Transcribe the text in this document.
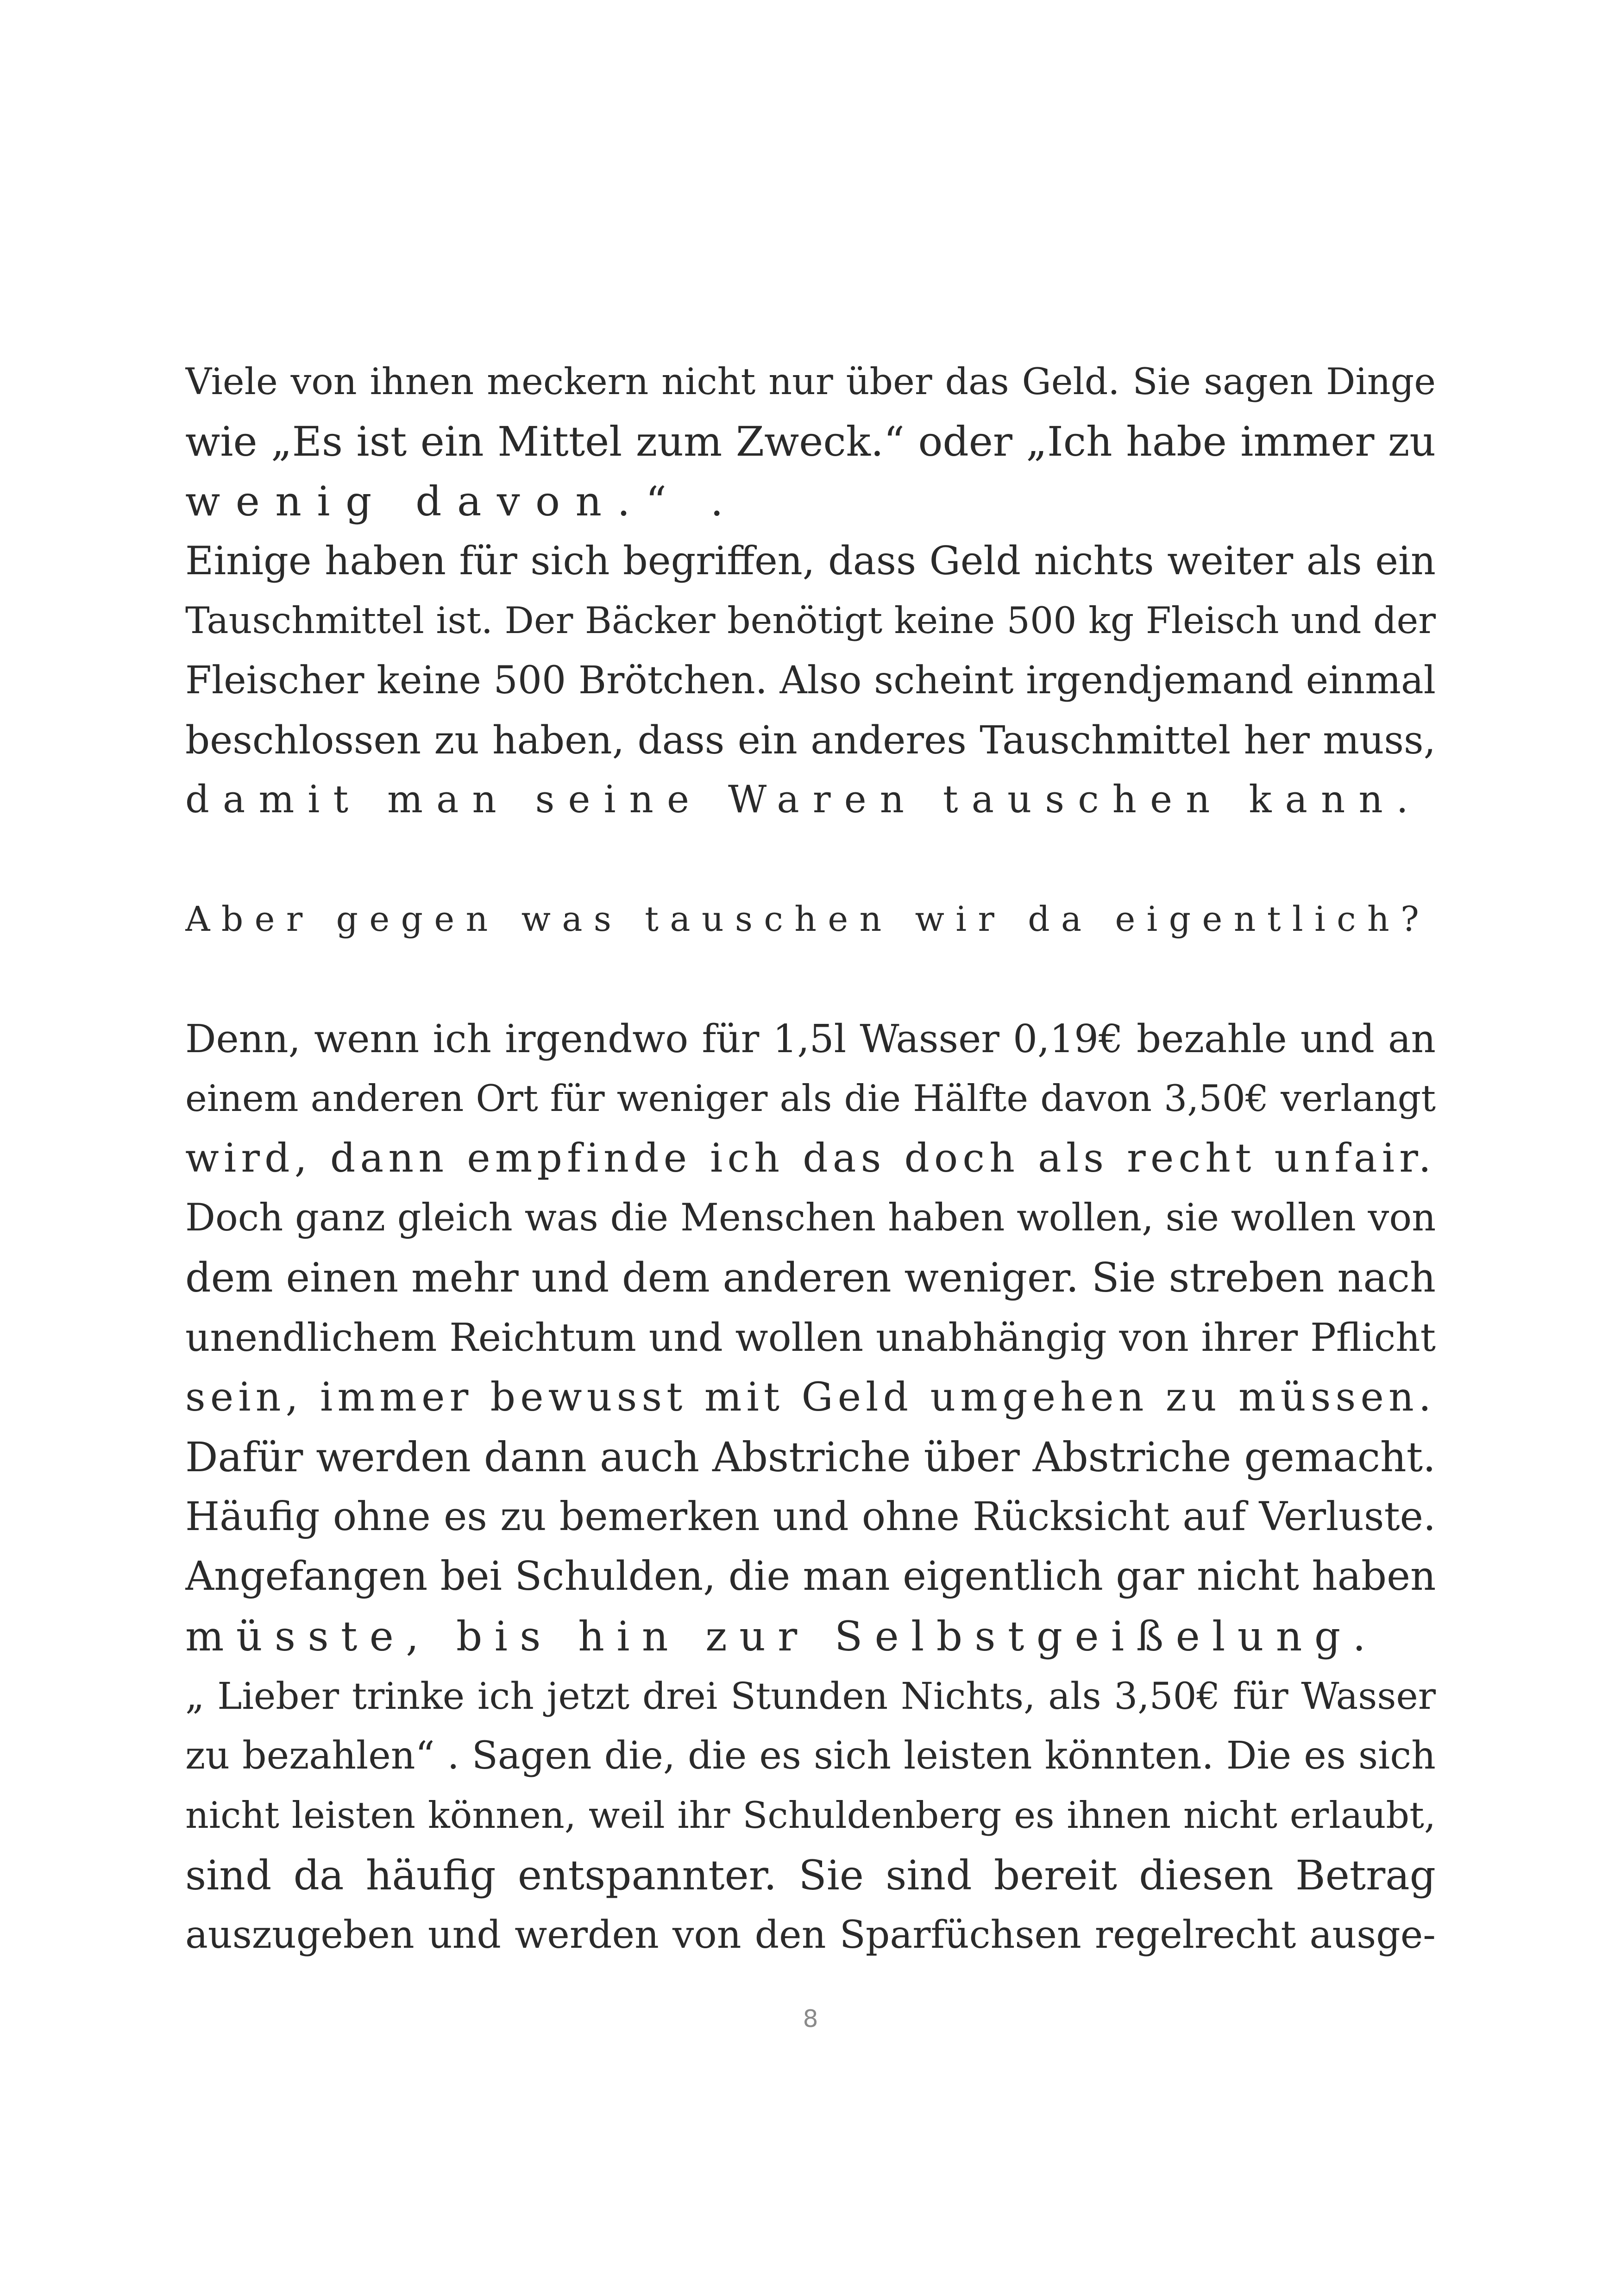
Viele von ihnen meckern nicht nur über das Geld. Sie sagen Dinge
wie „Es ist ein Mittel zum Zweck.“ oder „Ich habe immer zu
wenig davon.“ .
Einige haben für sich begriffen, dass Geld nichts weiter als ein
Tauschmittel ist. Der Bäcker benötigt keine 500 kg Fleisch und der
Fleischer keine 500 Brötchen. Also scheint irgendjemand einmal
beschlossen zu haben, dass ein anderes Tauschmittel her muss,
damit man seine Waren tauschen kann.
Aber gegen was tauschen wir da eigentlich?
Denn, wenn ich irgendwo für 1,5l Wasser 0,19€ bezahle und an
einem anderen Ort für weniger als die Hälfte davon 3,50€ verlangt
wird, dann empfinde ich das doch als recht unfair.
Doch ganz gleich was die Menschen haben wollen, sie wollen von
dem einen mehr und dem anderen weniger. Sie streben nach
unendlichem Reichtum und wollen unabhängig von ihrer Pflicht
sein, immer bewusst mit Geld umgehen zu müssen.
Dafür werden dann auch Abstriche über Abstriche gemacht.
Häufig ohne es zu bemerken und ohne Rücksicht auf Verluste.
Angefangen bei Schulden, die man eigentlich gar nicht haben
müsste, bis hin zur Selbstgeißelung.
„ Lieber trinke ich jetzt drei Stunden Nichts, als 3,50€ für Wasser
zu bezahlen“ . Sagen die, die es sich leisten könnten. Die es sich
nicht leisten können, weil ihr Schuldenberg es ihnen nicht erlaubt,
sind da häufig entspannter. Sie sind bereit diesen Betrag
auszugeben und werden von den Sparfüchsen regelrecht ausge-
8
